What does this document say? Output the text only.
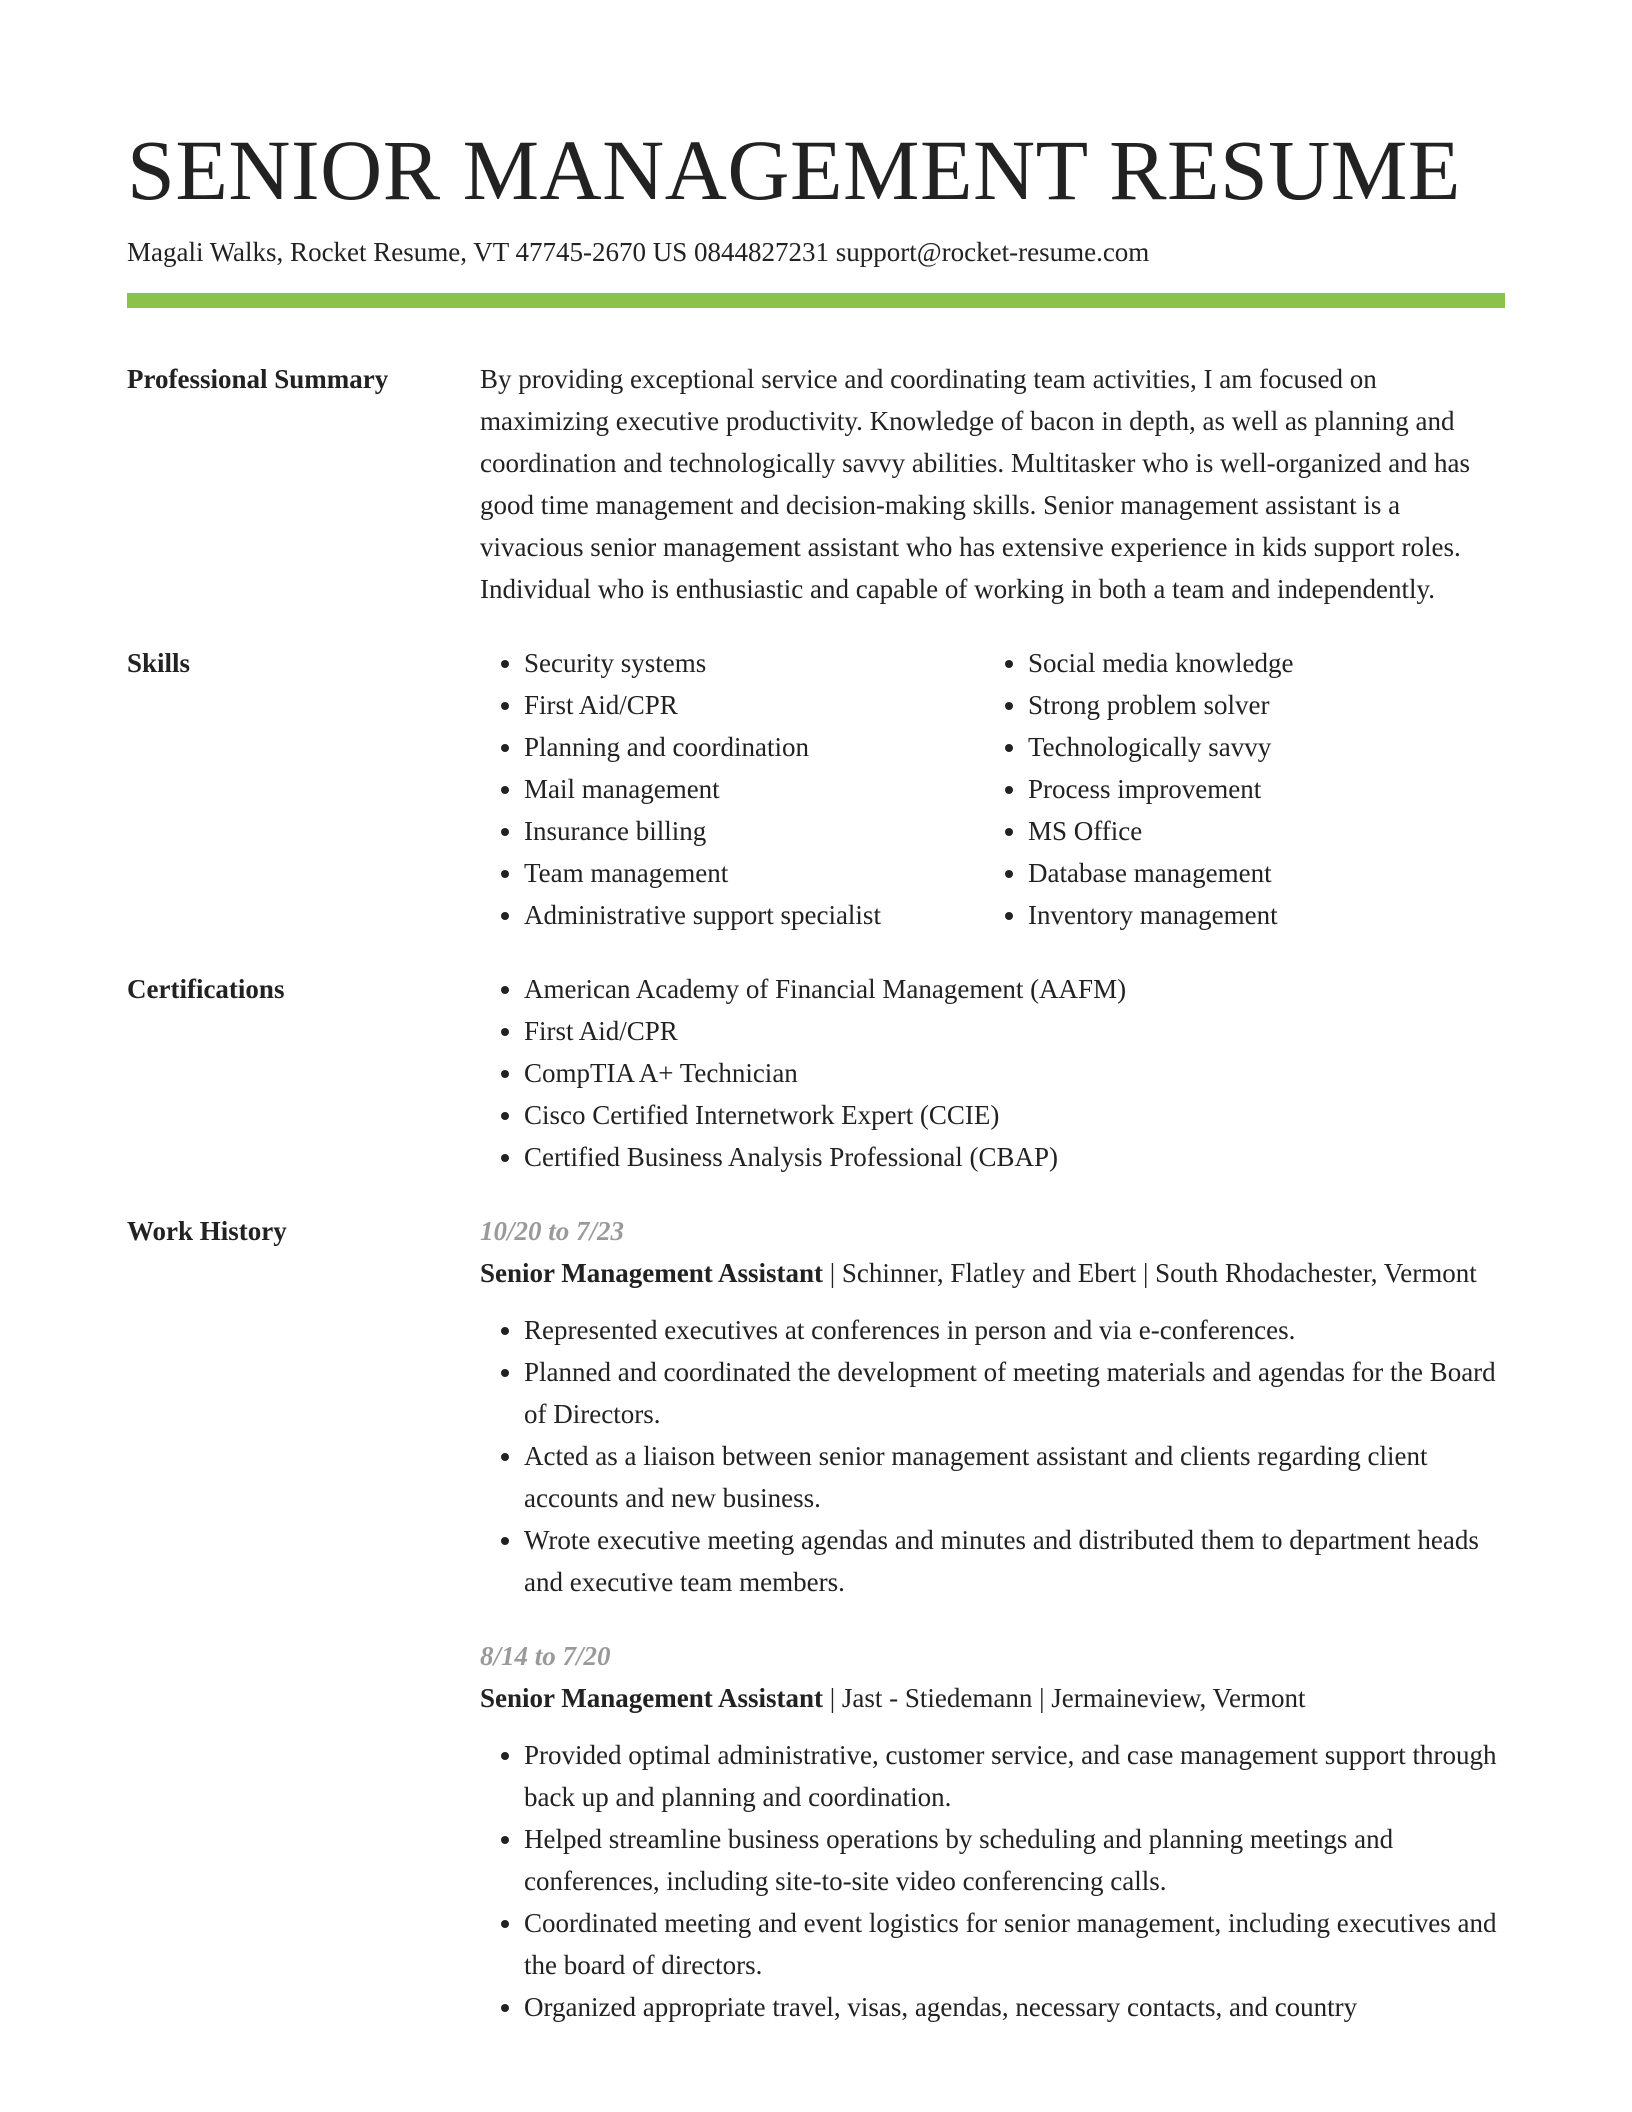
SENIOR MANAGEMENT RESUME
Magali Walks, Rocket Resume, VT 47745-2670 US 0844827231 support@rocket-resume.com
Professional Summary	By providing exceptional service and coordinating team activities, I am focused on maximizing executive productivity. Knowledge of bacon in depth, as well as planning and coordination and technologically savvy abilities. Multitasker who is well-organized and has good time management and decision-making skills. Senior management assistant is a vivacious senior management assistant who has extensive experience in kids support roles. Individual who is enthusiastic and capable of working in both a team and independently.

Skills	• Security systems
• First Aid/CPR
• Planning and coordination
• Mail management
• Insurance billing
• Team management
• Administrative support specialist
• Social media knowledge
• Strong problem solver
• Technologically savvy
• Process improvement
• MS Office
• Database management
• Inventory management
Certifications	• American Academy of Financial Management (AAFM)
• First Aid/CPR
• CompTIA A+ Technician
• Cisco Certified Internetwork Expert (CCIE)
• Certified Business Analysis Professional (CBAP)
Work History	10/20 to 7/23

Senior Management Assistant | Schinner, Flatley and Ebert | South Rhodachester, Vermont

• Represented executives at conferences in person and via e-conferences.
• Planned and coordinated the development of meeting materials and agendas for the Board of Directors.
• Acted as a liaison between senior management assistant and clients regarding client accounts and new business.
• Wrote executive meeting agendas and minutes and distributed them to department heads and executive team members.
8/14 to 7/20

Senior Management Assistant | Jast - Stiedemann | Jermaineview, Vermont

• Provided optimal administrative, customer service, and case management support through back up and planning and coordination.
• Helped streamline business operations by scheduling and planning meetings and conferences, including site-to-site video conferencing calls.
• Coordinated meeting and event logistics for senior management, including executives and the board of directors.
• Organized appropriate travel, visas, agendas, necessary contacts, and country
